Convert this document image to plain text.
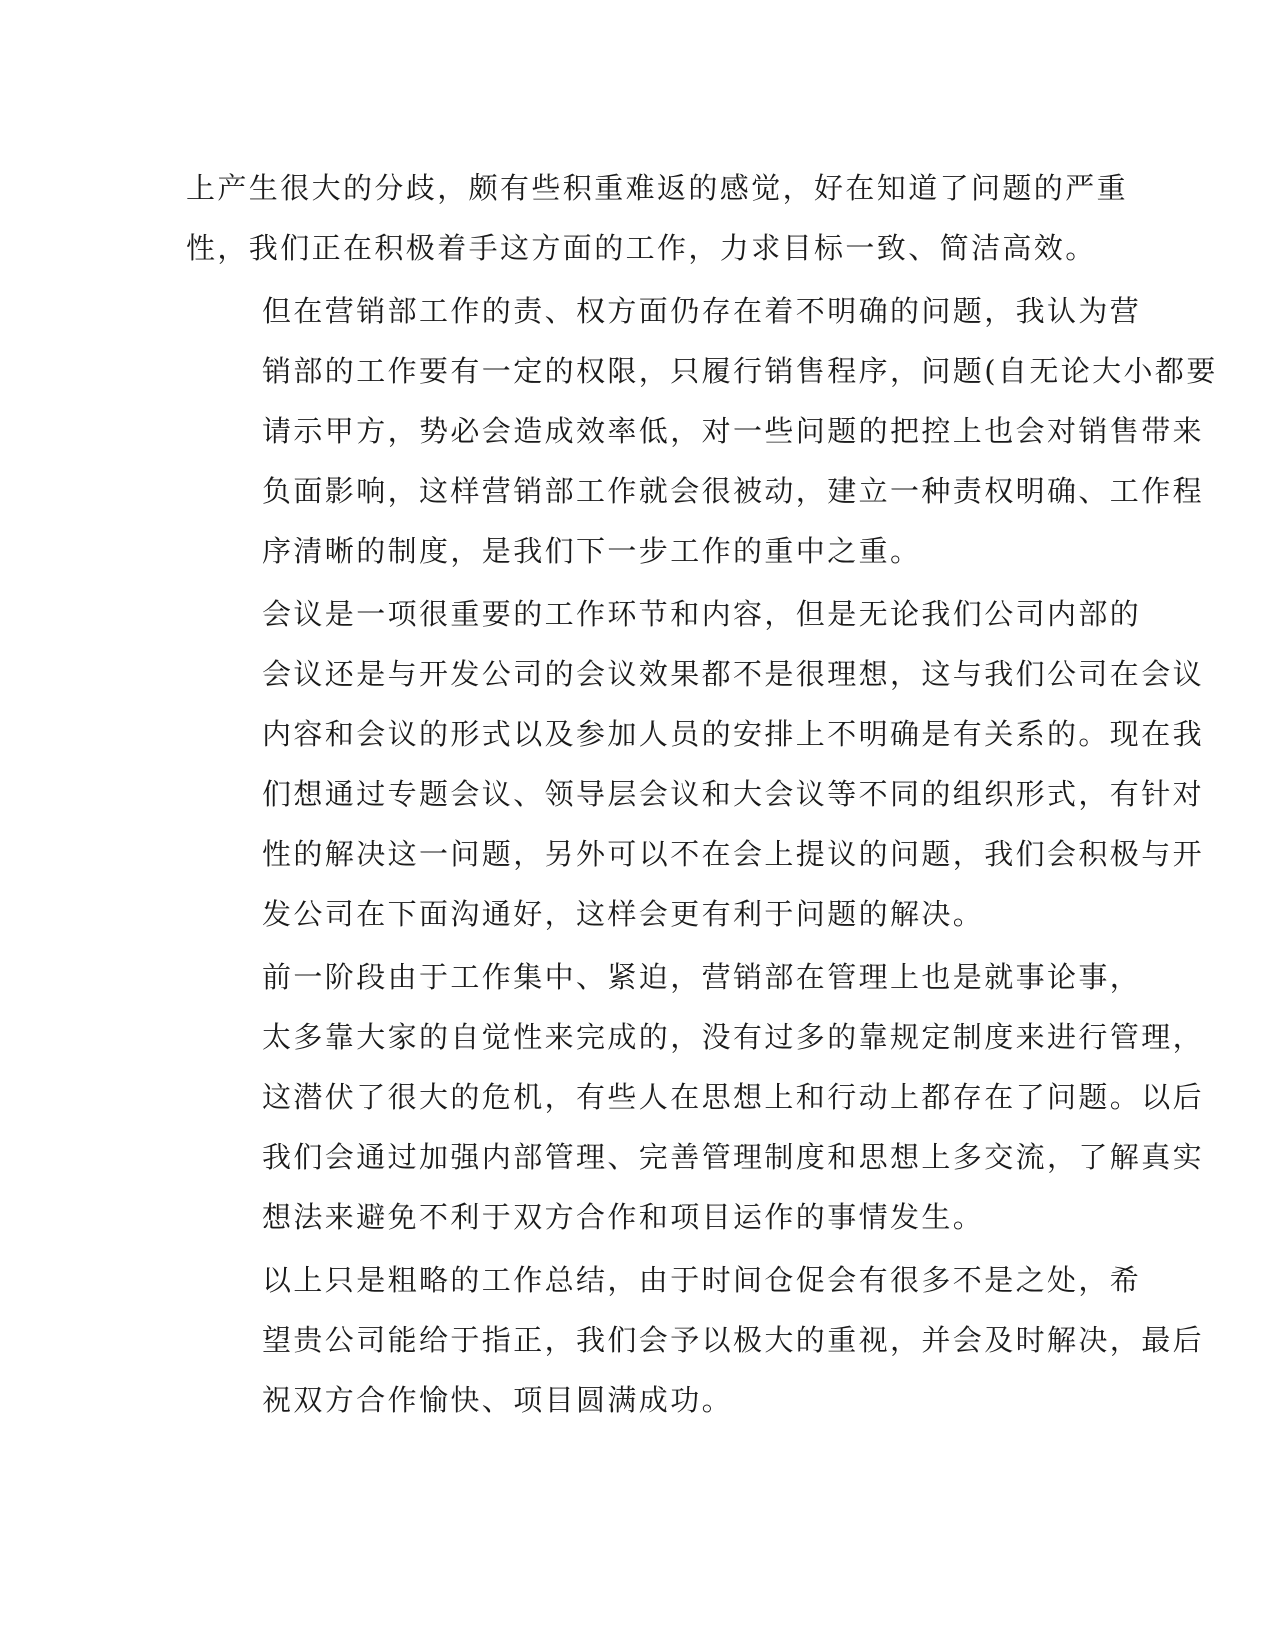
上产生很大的分歧，颇有些积重难返的感觉，好在知道了问题的严重
性，我们正在积极着手这方面的工作，力求目标一致、简洁高效。

但在营销部工作的责、权方面仍存在着不明确的问题，我认为营
销部的工作要有一定的权限，只履行销售程序，问题(自无论大小都要
请示甲方，势必会造成效率低，对一些问题的把控上也会对销售带来
负面影响，这样营销部工作就会很被动，建立一种责权明确、工作程
序清晰的制度，是我们下一步工作的重中之重。

会议是一项很重要的工作环节和内容，但是无论我们公司内部的
会议还是与开发公司的会议效果都不是很理想，这与我们公司在会议
内容和会议的形式以及参加人员的安排上不明确是有关系的。现在我
们想通过专题会议、领导层会议和大会议等不同的组织形式，有针对
性的解决这一问题，另外可以不在会上提议的问题，我们会积极与开
发公司在下面沟通好，这样会更有利于问题的解决。

前一阶段由于工作集中、紧迫，营销部在管理上也是就事论事，
太多靠大家的自觉性来完成的，没有过多的靠规定制度来进行管理，
这潜伏了很大的危机，有些人在思想上和行动上都存在了问题。以后
我们会通过加强内部管理、完善管理制度和思想上多交流，了解真实
想法来避免不利于双方合作和项目运作的事情发生。

以上只是粗略的工作总结，由于时间仓促会有很多不是之处，希
望贵公司能给于指正，我们会予以极大的重视，并会及时解决，最后
祝双方合作愉快、项目圆满成功。
